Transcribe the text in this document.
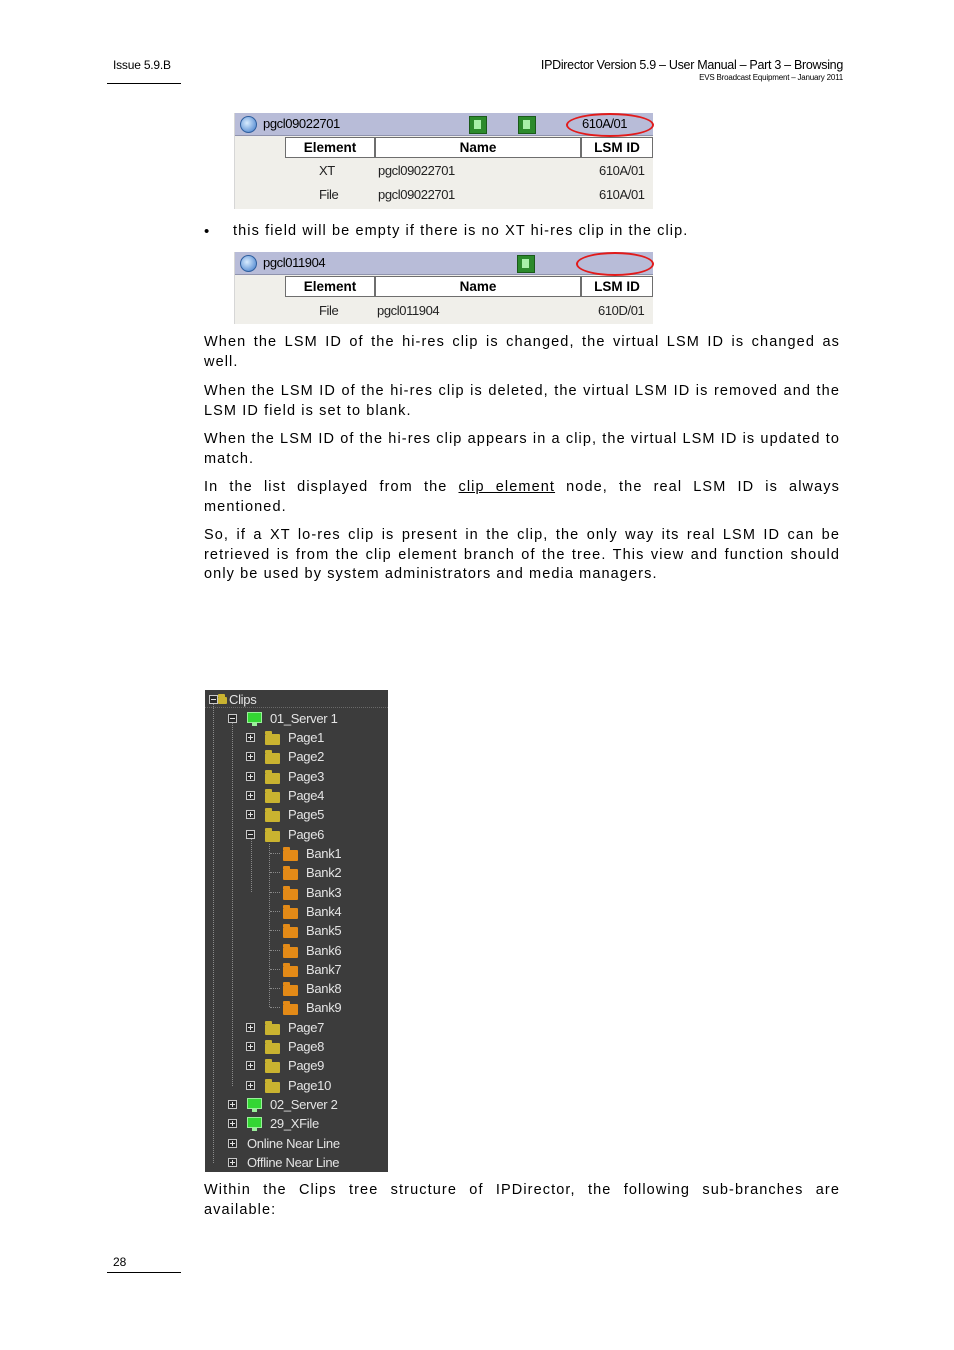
Issue 5.9.B	IPDirector Version 5.9 – User Manual – Part 3 – Browsing
EVS Broadcast Equipment – January 2011
pgcl09022701	610A/01
Element	Name	LSM ID
XT	pgcl09022701	610A/01
File	pgcl09022701	610A/01
• this field will be empty if there is no XT hi-res clip in the clip.
pgcl011904
Element	Name	LSM ID
File	pgcl011904	610D/01
When the LSM ID of the hi-res clip is changed, the virtual LSM ID is changed as well.
When the LSM ID of the hi-res clip is deleted, the virtual LSM ID is removed and the LSM ID field is set to blank.
When the LSM ID of the hi-res clip appears in a clip, the virtual LSM ID is updated to match.
In the list displayed from the clip element node, the real LSM ID is always mentioned.
So, if a XT lo-res clip is present in the clip, the only way its real LSM ID can be retrieved is from the clip element branch of the tree. This view and function should only be used by system administrators and media managers.
Clips
01_Server 1
Page1
Page2
Page3
Page4
Page5
Page6
Bank1
Bank2
Bank3
Bank4
Bank5
Bank6
Bank7
Bank8
Bank9
Page7
Page8
Page9
Page10
02_Server 2
29_XFile
Online Near Line
Offline Near Line
Within the Clips tree structure of IPDirector, the following sub-branches are available:
28
